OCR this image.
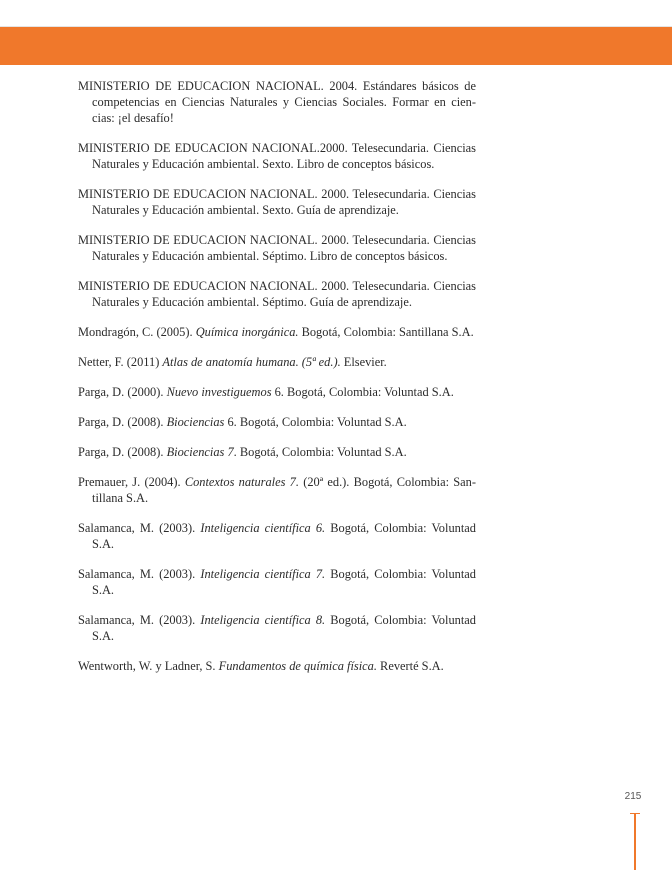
MINISTERIO DE EDUCACION NACIONAL. 2004. Estándares básicos de competencias en Ciencias Naturales y Ciencias Sociales. Formar en cien-cias: ¡el desafío!
MINISTERIO DE EDUCACION NACIONAL.2000. Telesecundaria. Ciencias Naturales y Educación ambiental. Sexto. Libro de conceptos básicos.
MINISTERIO DE EDUCACION NACIONAL. 2000. Telesecundaria. Ciencias Naturales y Educación ambiental. Sexto. Guía de aprendizaje.
MINISTERIO DE EDUCACION NACIONAL. 2000. Telesecundaria. Ciencias Naturales y Educación ambiental. Séptimo. Libro de conceptos básicos.
MINISTERIO DE EDUCACION NACIONAL. 2000. Telesecundaria. Ciencias Naturales y Educación ambiental. Séptimo. Guía de aprendizaje.
Mondragón, C. (2005). Química inorgánica. Bogotá, Colombia: Santillana S.A.
Netter, F. (2011) Atlas de anatomía humana. (5ª ed.). Elsevier.
Parga, D. (2000). Nuevo investiguemos 6. Bogotá, Colombia: Voluntad S.A.
Parga, D. (2008). Biociencias 6. Bogotá, Colombia: Voluntad S.A.
Parga, D. (2008). Biociencias 7. Bogotá, Colombia: Voluntad S.A.
Premauer, J. (2004). Contextos naturales 7. (20ª ed.). Bogotá, Colombia: San-tillana S.A.
Salamanca, M. (2003). Inteligencia científica 6. Bogotá, Colombia: Voluntad S.A.
Salamanca, M. (2003). Inteligencia científica 7. Bogotá, Colombia: Voluntad S.A.
Salamanca, M. (2003). Inteligencia científica 8. Bogotá, Colombia: Voluntad S.A.
Wentworth, W. y Ladner, S. Fundamentos de química física. Reverté S.A.
215
